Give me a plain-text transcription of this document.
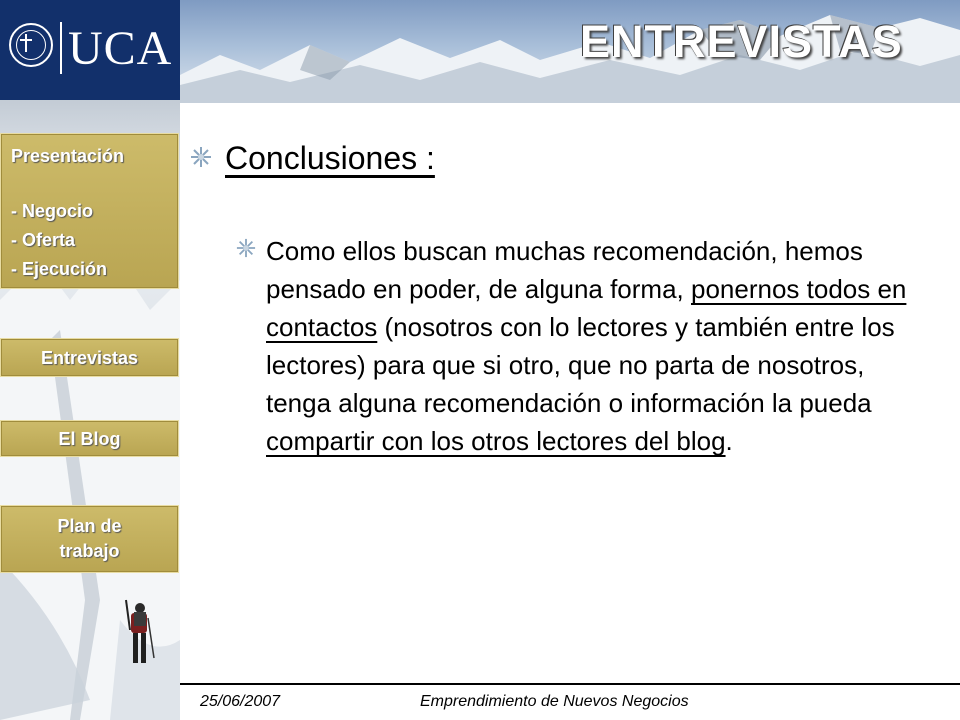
UCA
Presentación
- Negocio
- Oferta
- Ejecución
Entrevistas
El Blog
Plan de
trabajo
ENTREVISTAS
Conclusiones :
Como ellos buscan muchas recomendación, hemos pensado en poder, de alguna forma, ponernos todos en contactos (nosotros con lo lectores y también entre los lectores) para que si otro, que no parta de nosotros, tenga alguna recomendación o información la pueda compartir con los otros lectores del blog.
25/06/2007	Emprendimiento de Nuevos Negocios
